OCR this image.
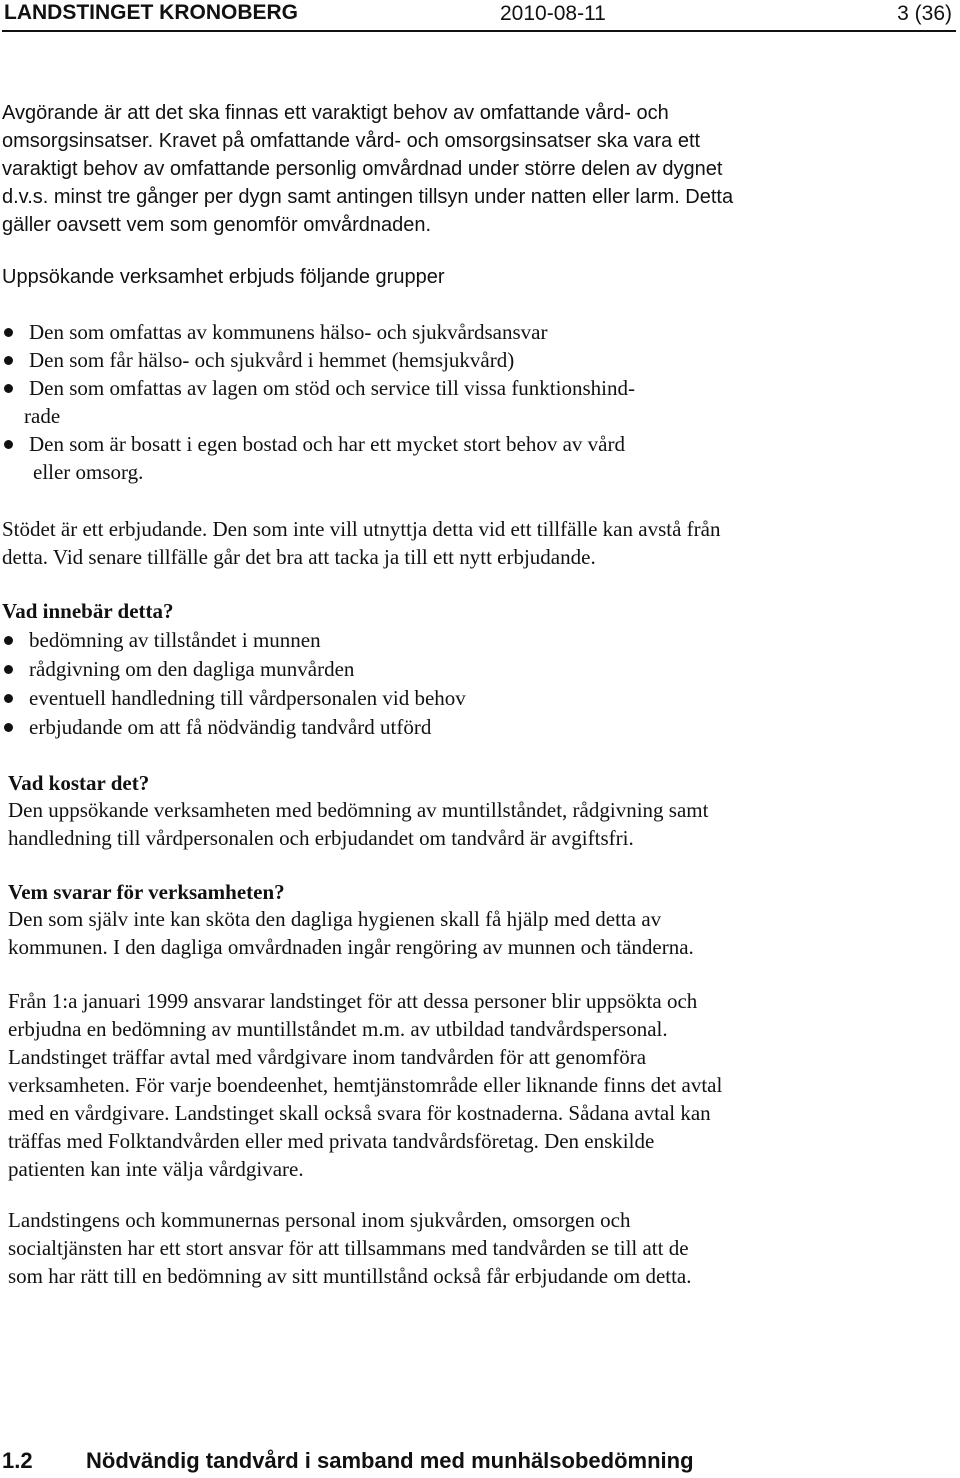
LANDSTINGET KRONOBERG	2010-08-11	3 (36)
Avgörande är att det ska finnas ett varaktigt behov av omfattande vård- och
omsorgsinsatser. Kravet på omfattande vård- och omsorgsinsatser ska vara ett
varaktigt behov av omfattande personlig omvårdnad under större delen av dygnet
d.v.s. minst tre gånger per dygn samt antingen tillsyn under natten eller larm. Detta
gäller oavsett vem som genomför omvårdnaden.
Uppsökande verksamhet erbjuds följande grupper
Den som omfattas av kommunens hälso- och sjukvårdsansvar
Den som får hälso- och sjukvård i hemmet (hemsjukvård)
Den som omfattas av lagen om stöd och service till vissa funktionshind-
rade
Den som är bosatt i egen bostad och har ett mycket stort behov av vård
eller omsorg.
Stödet är ett erbjudande. Den som inte vill utnyttja detta vid ett tillfälle kan avstå från
detta. Vid senare tillfälle går det bra att tacka ja till ett nytt erbjudande.
Vad innebär detta?
bedömning av tillståndet i munnen
rådgivning om den dagliga munvården
eventuell handledning till vårdpersonalen vid behov
erbjudande om att få nödvändig tandvård utförd
Vad kostar det?
Den uppsökande verksamheten med bedömning av muntillståndet, rådgivning samt
handledning till vårdpersonalen och erbjudandet om tandvård är avgiftsfri.
Vem svarar för verksamheten?
Den som själv inte kan sköta den dagliga hygienen skall få hjälp med detta av
kommunen. I den dagliga omvårdnaden ingår rengöring av munnen och tänderna.
Från 1:a januari 1999 ansvarar landstinget för att dessa personer blir uppsökta och
erbjudna en bedömning av muntillståndet m.m. av utbildad tandvårdspersonal.
Landstinget träffar avtal med vårdgivare inom tandvården för att genomföra
verksamheten. För varje boendeenhet, hemtjänstområde eller liknande finns det avtal
med en vårdgivare. Landstinget skall också svara för kostnaderna. Sådana avtal kan
träffas med Folktandvården eller med privata tandvårdsföretag. Den enskilde
patienten kan inte välja vårdgivare.
Landstingens och kommunernas personal inom sjukvården, omsorgen och
socialtjänsten har ett stort ansvar för att tillsammans med tandvården se till att de
som har rätt till en bedömning av sitt muntillstånd också får erbjudande om detta.
1.2 Nödvändig tandvård i samband med munhälsobedömning
